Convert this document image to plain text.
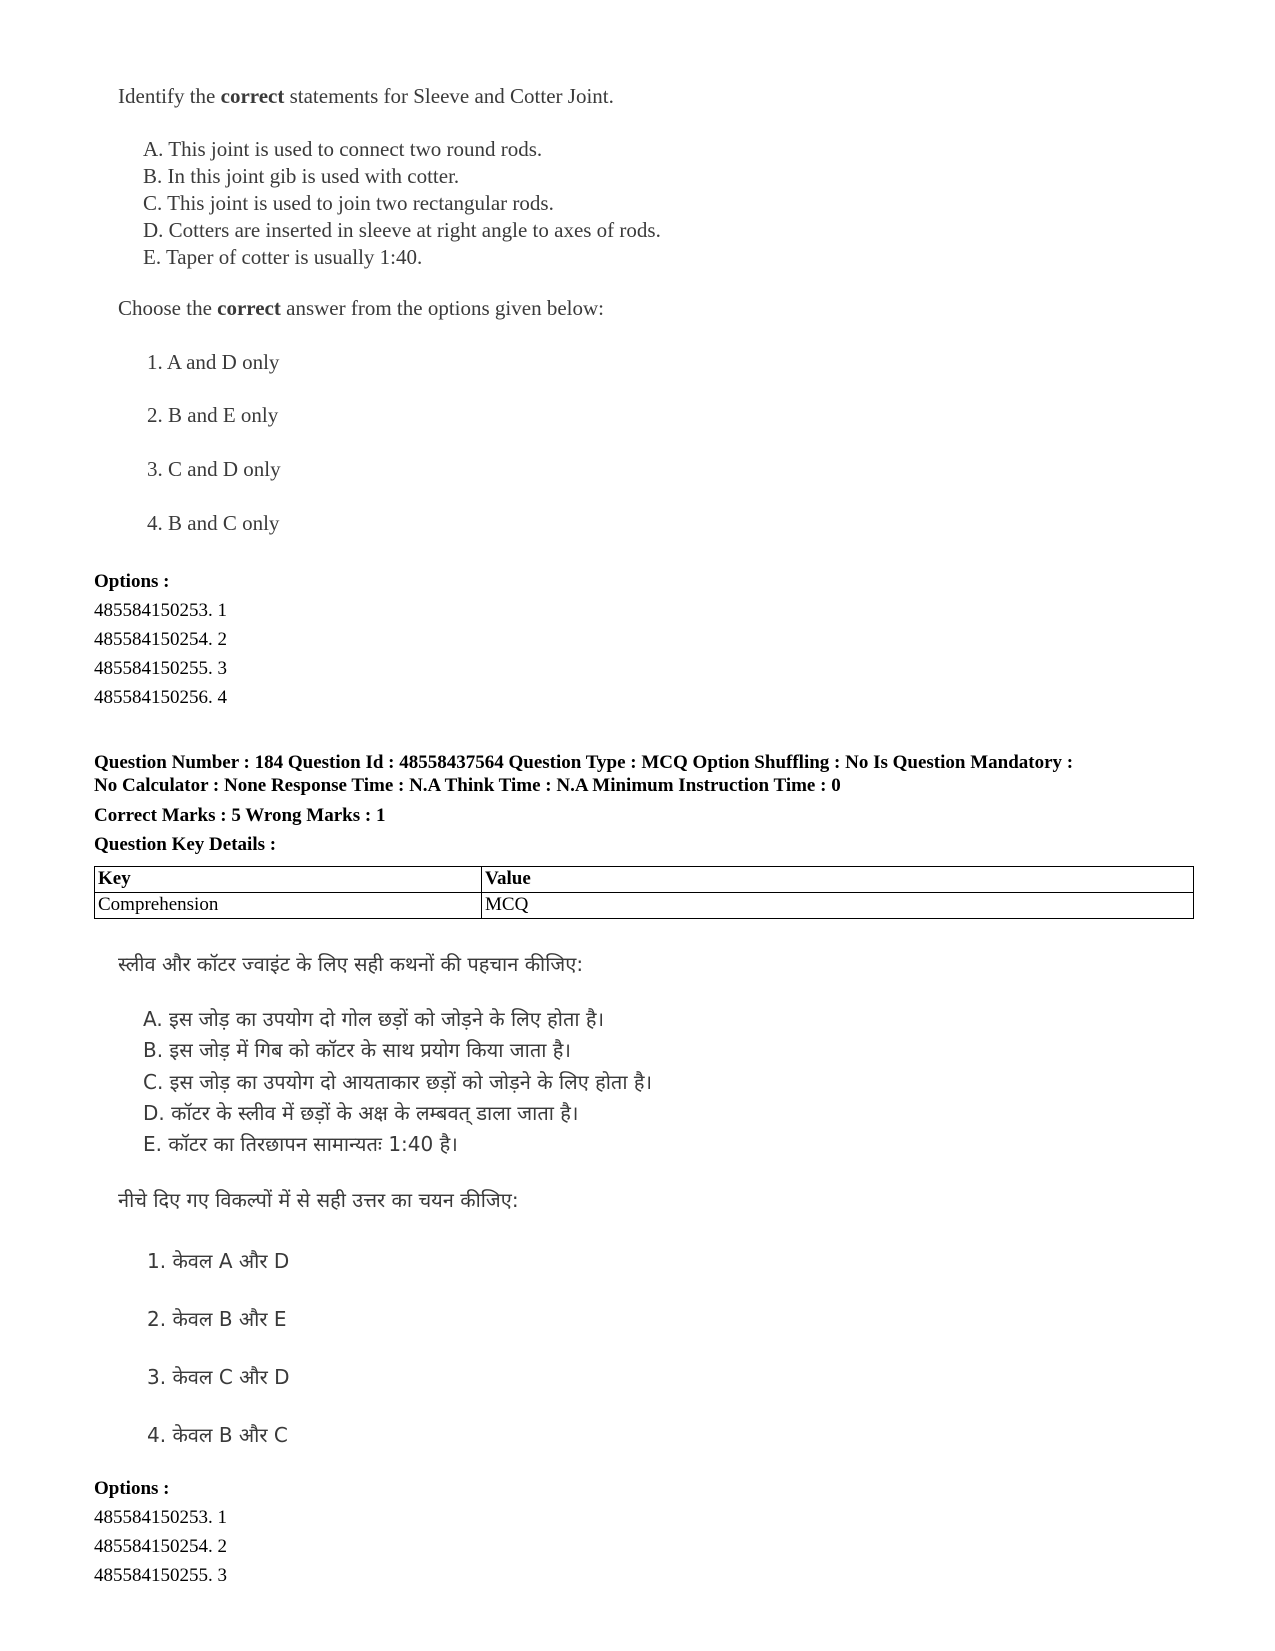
Identify the correct statements for Sleeve and Cotter Joint.
A. This joint is used to connect two round rods.
B. In this joint gib is used with cotter.
C. This joint is used to join two rectangular rods.
D. Cotters are inserted in sleeve at right angle to axes of rods.
E. Taper of cotter is usually 1:40.
Choose the correct answer from the options given below:
1. A and D only
2. B and E only
3. C and D only
4. B and C only
Options :
485584150253. 1
485584150254. 2
485584150255. 3
485584150256. 4
Question Number : 184 Question Id : 48558437564 Question Type : MCQ Option Shuffling : No Is Question Mandatory :
No Calculator : None Response Time : N.A Think Time : N.A Minimum Instruction Time : 0
Correct Marks : 5 Wrong Marks : 1
Question Key Details :
Key	Value
Comprehension	MCQ
स्लीव और कॉटर ज्वाइंट के लिए सही कथनों की पहचान कीजिए:
A. इस जोड़ का उपयोग दो गोल छड़ों को जोड़ने के लिए होता है।
B. इस जोड़ में गिब को कॉटर के साथ प्रयोग किया जाता है।
C. इस जोड़ का उपयोग दो आयताकार छड़ों को जोड़ने के लिए होता है।
D. कॉटर के स्लीव में छड़ों के अक्ष के लम्बवत् डाला जाता है।
E. कॉटर का तिरछापन सामान्यतः 1:40 है।
नीचे दिए गए विकल्पों में से सही उत्तर का चयन कीजिए:
1. केवल A और D
2. केवल B और E
3. केवल C और D
4. केवल B और C
Options :
485584150253. 1
485584150254. 2
485584150255. 3
